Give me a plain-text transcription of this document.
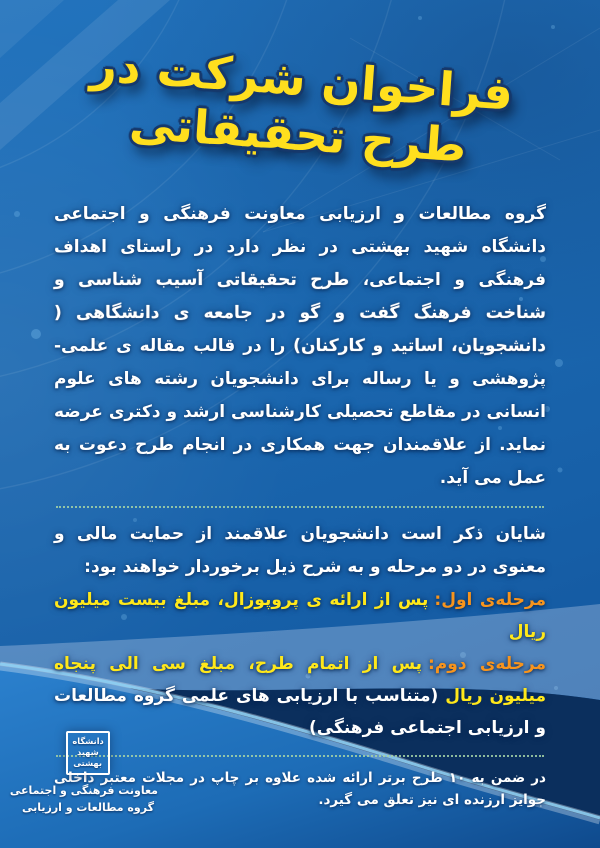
فراخوان شرکت در طرح تحقیقاتی

گروه مطالعات و ارزیابی معاونت فرهنگی و اجتماعی دانشگاه شهید بهشتی در نظر دارد در راستای اهداف فرهنگی و اجتماعی، طرح تحقیقاتی آسیب شناسی و شناخت فرهنگ گفت و گو در جامعه ی دانشگاهی ( دانشجویان، اساتید و کارکنان) را در قالب مقاله ی علمی-پژوهشی و یا رساله برای دانشجویان رشته های علوم انسانی در مقاطع تحصیلی کارشناسی ارشد و دکتری عرضه نماید. از علاقمندان جهت همکاری در انجام طرح دعوت به عمل می آید.

شایان ذکر است دانشجویان علاقمند از حمایت مالی و معنوی در دو مرحله و به شرح ذیل برخوردار خواهند بود:

مرحله‌ی اول:پس از ارائه ی پروپوزال، مبلغ بیست میلیون ریال
مرحله‌ی دوم:پس از اتمام طرح، مبلغ سی الی پنجاه میلیون ریال (متناسب با ارزیابی های علمی گروه مطالعات و ارزیابی اجتماعی فرهنگی)

در ضمن به ۱۰ طرح برتر ارائه شده علاوه بر چاپ در مجلات معتبر داخلی جوایز ارزنده ای نیز تعلق می گیرد.

دانشگاه
شهید
بهشتی
معاونت فرهنگی و اجتماعی
گروه مطالعات و ارزیابی
